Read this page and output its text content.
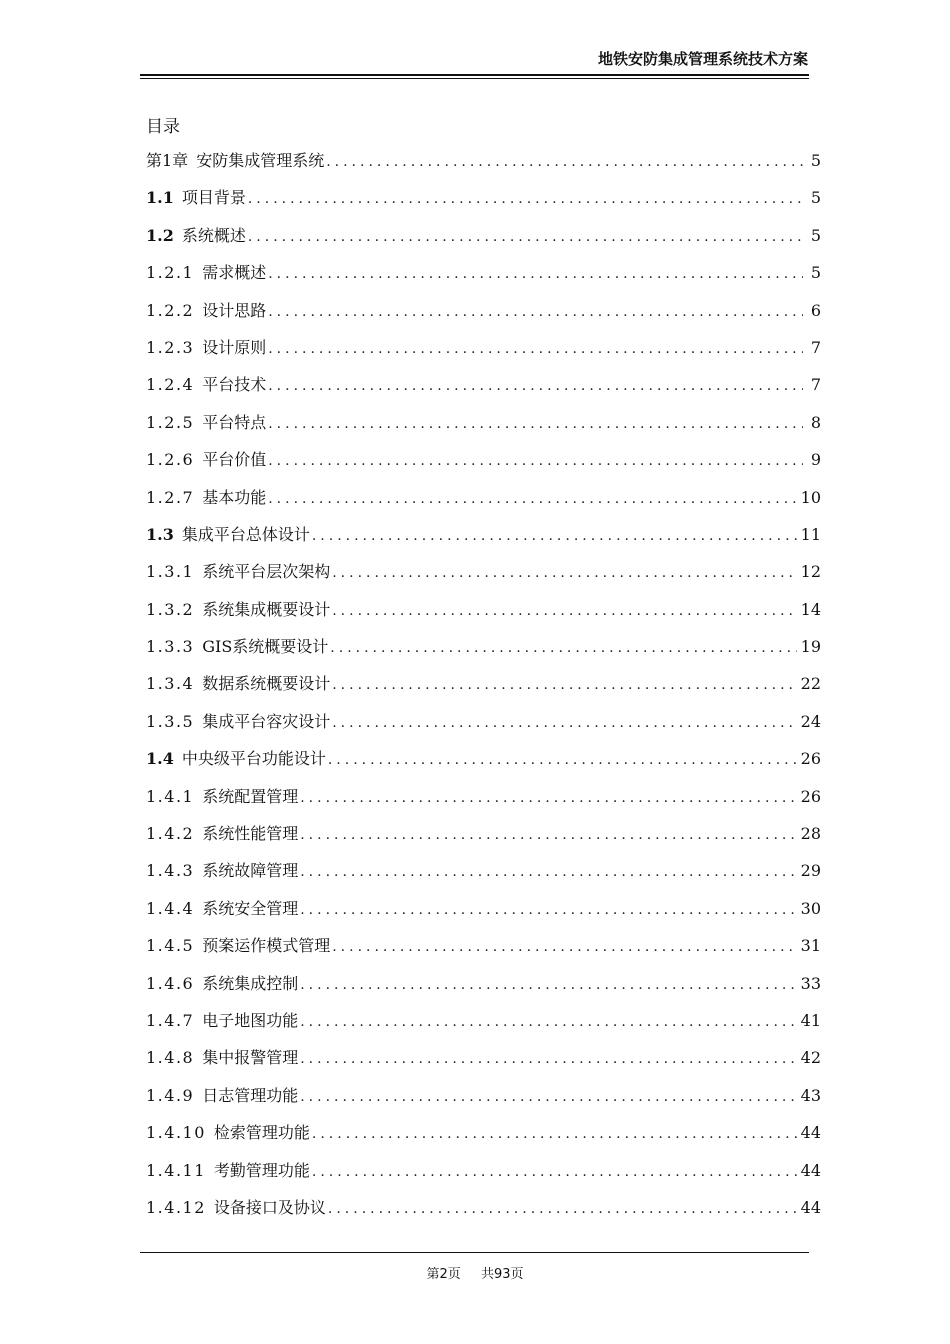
地铁安防集成管理系统技术方案
目录
第1章 安防集成管理系统 .....	5
1.1 项目背景 .....	5
1.2 系统概述 .....	5
1.2.1 需求概述 .....	5
1.2.2 设计思路 .....	6
1.2.3 设计原则 .....	7
1.2.4 平台技术 .....	7
1.2.5 平台特点 .....	8
1.2.6 平台价值 .....	9
1.2.7 基本功能 .....	10
1.3 集成平台总体设计 .....	11
1.3.1 系统平台层次架构 .....	12
1.3.2 系统集成概要设计 .....	14
1.3.3 GIS系统概要设计 .....	19
1.3.4 数据系统概要设计 .....	22
1.3.5 集成平台容灾设计 .....	24
1.4 中央级平台功能设计 .....	26
1.4.1 系统配置管理 .....	26
1.4.2 系统性能管理 .....	28
1.4.3 系统故障管理 .....	29
1.4.4 系统安全管理 .....	30
1.4.5 预案运作模式管理 .....	31
1.4.6 系统集成控制 .....	33
1.4.7 电子地图功能 .....	41
1.4.8 集中报警管理 .....	42
1.4.9 日志管理功能 .....	43
1.4.10 检索管理功能 .....	44
1.4.11 考勤管理功能 .....	44
1.4.12 设备接口及协议 .....	44
第2页 共93页
